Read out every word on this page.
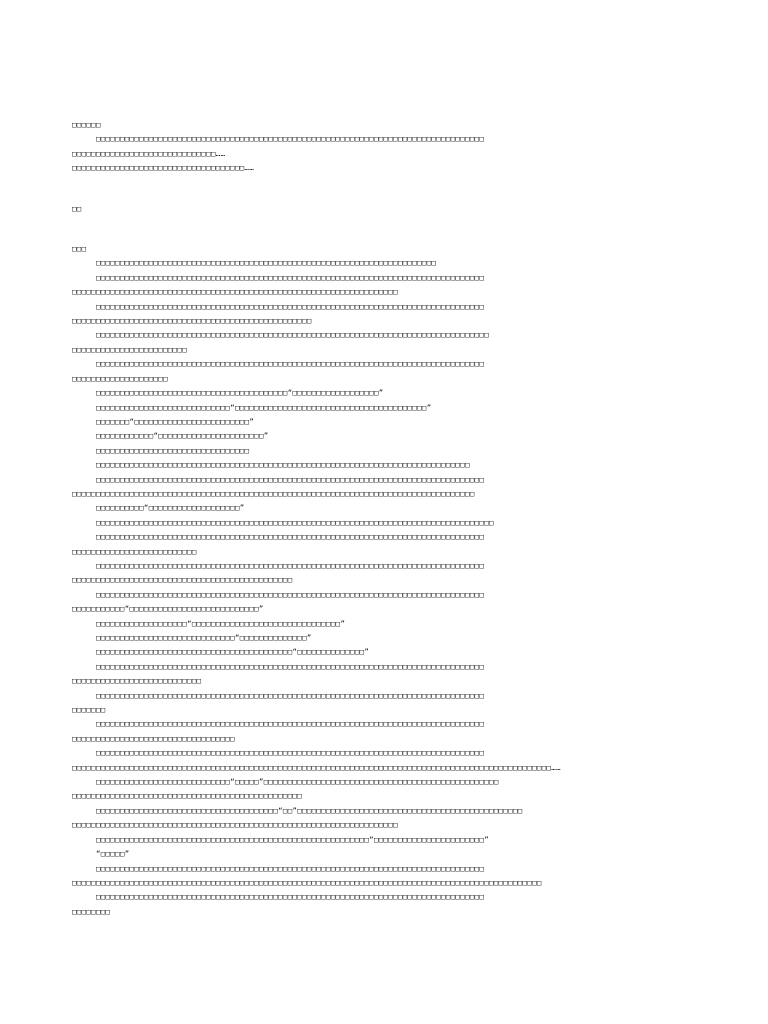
□□□□□□

□□□□□□□□□□□□□□□□□□□□□□□□□□□□□□□□□□□□□□□□□□□□□□□□□□□□□□□□□□□□□□□□□□□□□□□□□□□□□□□□□

□□□□□□□□□□□□□□□□□□□□□□□□□□□□□□……

□□□□□□□□□□□□□□□□□□□□□□□□□□□□□□□□□□□□……

□□

□□□

□□□□□□□□□□□□□□□□□□□□□□□□□□□□□□□□□□□□□□□□□□□□□□□□□□□□□□□□□□□□□□□□□□□□□□□

□□□□□□□□□□□□□□□□□□□□□□□□□□□□□□□□□□□□□□□□□□□□□□□□□□□□□□□□□□□□□□□□□□□□□□□□□□□□□□□□□

□□□□□□□□□□□□□□□□□□□□□□□□□□□□□□□□□□□□□□□□□□□□□□□□□□□□□□□□□□□□□□□□□□□□

□□□□□□□□□□□□□□□□□□□□□□□□□□□□□□□□□□□□□□□□□□□□□□□□□□□□□□□□□□□□□□□□□□□□□□□□□□□□□□□□□

□□□□□□□□□□□□□□□□□□□□□□□□□□□□□□□□□□□□□□□□□□□□□□□□□□

□□□□□□□□□□□□□□□□□□□□□□□□□□□□□□□□□□□□□□□□□□□□□□□□□□□□□□□□□□□□□□□□□□□□□□□□□□□□□□□□□□

□□□□□□□□□□□□□□□□□□□□□□□□

□□□□□□□□□□□□□□□□□□□□□□□□□□□□□□□□□□□□□□□□□□□□□□□□□□□□□□□□□□□□□□□□□□□□□□□□□□□□□□□□□

□□□□□□□□□□□□□□□□□□□□

□□□□□□□□□□□□□□□□□□□□□□□□□□□□□□□□□□□□□□□□“□□□□□□□□□□□□□□□□□□”

□□□□□□□□□□□□□□□□□□□□□□□□□□□□“□□□□□□□□□□□□□□□□□□□□□□□□□□□□□□□□□□□□□□□□”

□□□□□□□“□□□□□□□□□□□□□□□□□□□□□□□□”

□□□□□□□□□□□□“□□□□□□□□□□□□□□□□□□□□□□”

□□□□□□□□□□□□□□□□□□□□□□□□□□□□□□□□

□□□□□□□□□□□□□□□□□□□□□□□□□□□□□□□□□□□□□□□□□□□□□□□□□□□□□□□□□□□□□□□□□□□□□□□□□□□□□□

□□□□□□□□□□□□□□□□□□□□□□□□□□□□□□□□□□□□□□□□□□□□□□□□□□□□□□□□□□□□□□□□□□□□□□□□□□□□□□□□□

□□□□□□□□□□□□□□□□□□□□□□□□□□□□□□□□□□□□□□□□□□□□□□□□□□□□□□□□□□□□□□□□□□□□□□□□□□□□□□□□□□□□

□□□□□□□□□□“□□□□□□□□□□□□□□□□□□□”

□□□□□□□□□□□□□□□□□□□□□□□□□□□□□□□□□□□□□□□□□□□□□□□□□□□□□□□□□□□□□□□□□□□□□□□□□□□□□□□□□□□

□□□□□□□□□□□□□□□□□□□□□□□□□□□□□□□□□□□□□□□□□□□□□□□□□□□□□□□□□□□□□□□□□□□□□□□□□□□□□□□□□

□□□□□□□□□□□□□□□□□□□□□□□□□□

□□□□□□□□□□□□□□□□□□□□□□□□□□□□□□□□□□□□□□□□□□□□□□□□□□□□□□□□□□□□□□□□□□□□□□□□□□□□□□□□□

□□□□□□□□□□□□□□□□□□□□□□□□□□□□□□□□□□□□□□□□□□□□□□

□□□□□□□□□□□□□□□□□□□□□□□□□□□□□□□□□□□□□□□□□□□□□□□□□□□□□□□□□□□□□□□□□□□□□□□□□□□□□□□□□

□□□□□□□□□□□“□□□□□□□□□□□□□□□□□□□□□□□□□□□”

□□□□□□□□□□□□□□□□□□□“□□□□□□□□□□□□□□□□□□□□□□□□□□□□□□□”

□□□□□□□□□□□□□□□□□□□□□□□□□□□□□“□□□□□□□□□□□□□□”

□□□□□□□□□□□□□□□□□□□□□□□□□□□□□□□□□□□□□□□□□“□□□□□□□□□□□□□□”

□□□□□□□□□□□□□□□□□□□□□□□□□□□□□□□□□□□□□□□□□□□□□□□□□□□□□□□□□□□□□□□□□□□□□□□□□□□□□□□□□

□□□□□□□□□□□□□□□□□□□□□□□□□□□

□□□□□□□□□□□□□□□□□□□□□□□□□□□□□□□□□□□□□□□□□□□□□□□□□□□□□□□□□□□□□□□□□□□□□□□□□□□□□□□□□

□□□□□□□

□□□□□□□□□□□□□□□□□□□□□□□□□□□□□□□□□□□□□□□□□□□□□□□□□□□□□□□□□□□□□□□□□□□□□□□□□□□□□□□□□

□□□□□□□□□□□□□□□□□□□□□□□□□□□□□□□□□□

□□□□□□□□□□□□□□□□□□□□□□□□□□□□□□□□□□□□□□□□□□□□□□□□□□□□□□□□□□□□□□□□□□□□□□□□□□□□□□□□□

□□□□□□□□□□□□□□□□□□□□□□□□□□□□□□□□□□□□□□□□□□□□□□□□□□□□□□□□□□□□□□□□□□□□□□□□□□□□□□□□□□□□□□□□□□□□□□□□□□□□……

□□□□□□□□□□□□□□□□□□□□□□□□□□□□“□□□□□”□□□□□□□□□□□□□□□□□□□□□□□□□□□□□□□□□□□□□□□□□□□□□□□□□

□□□□□□□□□□□□□□□□□□□□□□□□□□□□□□□□□□□□□□□□□□□□□□□□

□□□□□□□□□□□□□□□□□□□□□□□□□□□□□□□□□□□□□□“□□”□□□□□□□□□□□□□□□□□□□□□□□□□□□□□□□□□□□□□□□□□□□□□□□

□□□□□□□□□□□□□□□□□□□□□□□□□□□□□□□□□□□□□□□□□□□□□□□□□□□□□□□□□□□□□□□□□□□□

□□□□□□□□□□□□□□□□□□□□□□□□□□□□□□□□□□□□□□□□□□□□□□□□□□□□□□□□□“□□□□□□□□□□□□□□□□□□□□□□□”

“□□□□□”

□□□□□□□□□□□□□□□□□□□□□□□□□□□□□□□□□□□□□□□□□□□□□□□□□□□□□□□□□□□□□□□□□□□□□□□□□□□□□□□□□

□□□□□□□□□□□□□□□□□□□□□□□□□□□□□□□□□□□□□□□□□□□□□□□□□□□□□□□□□□□□□□□□□□□□□□□□□□□□□□□□□□□□□□□□□□□□□□□□□□

□□□□□□□□□□□□□□□□□□□□□□□□□□□□□□□□□□□□□□□□□□□□□□□□□□□□□□□□□□□□□□□□□□□□□□□□□□□□□□□□□

□□□□□□□□
